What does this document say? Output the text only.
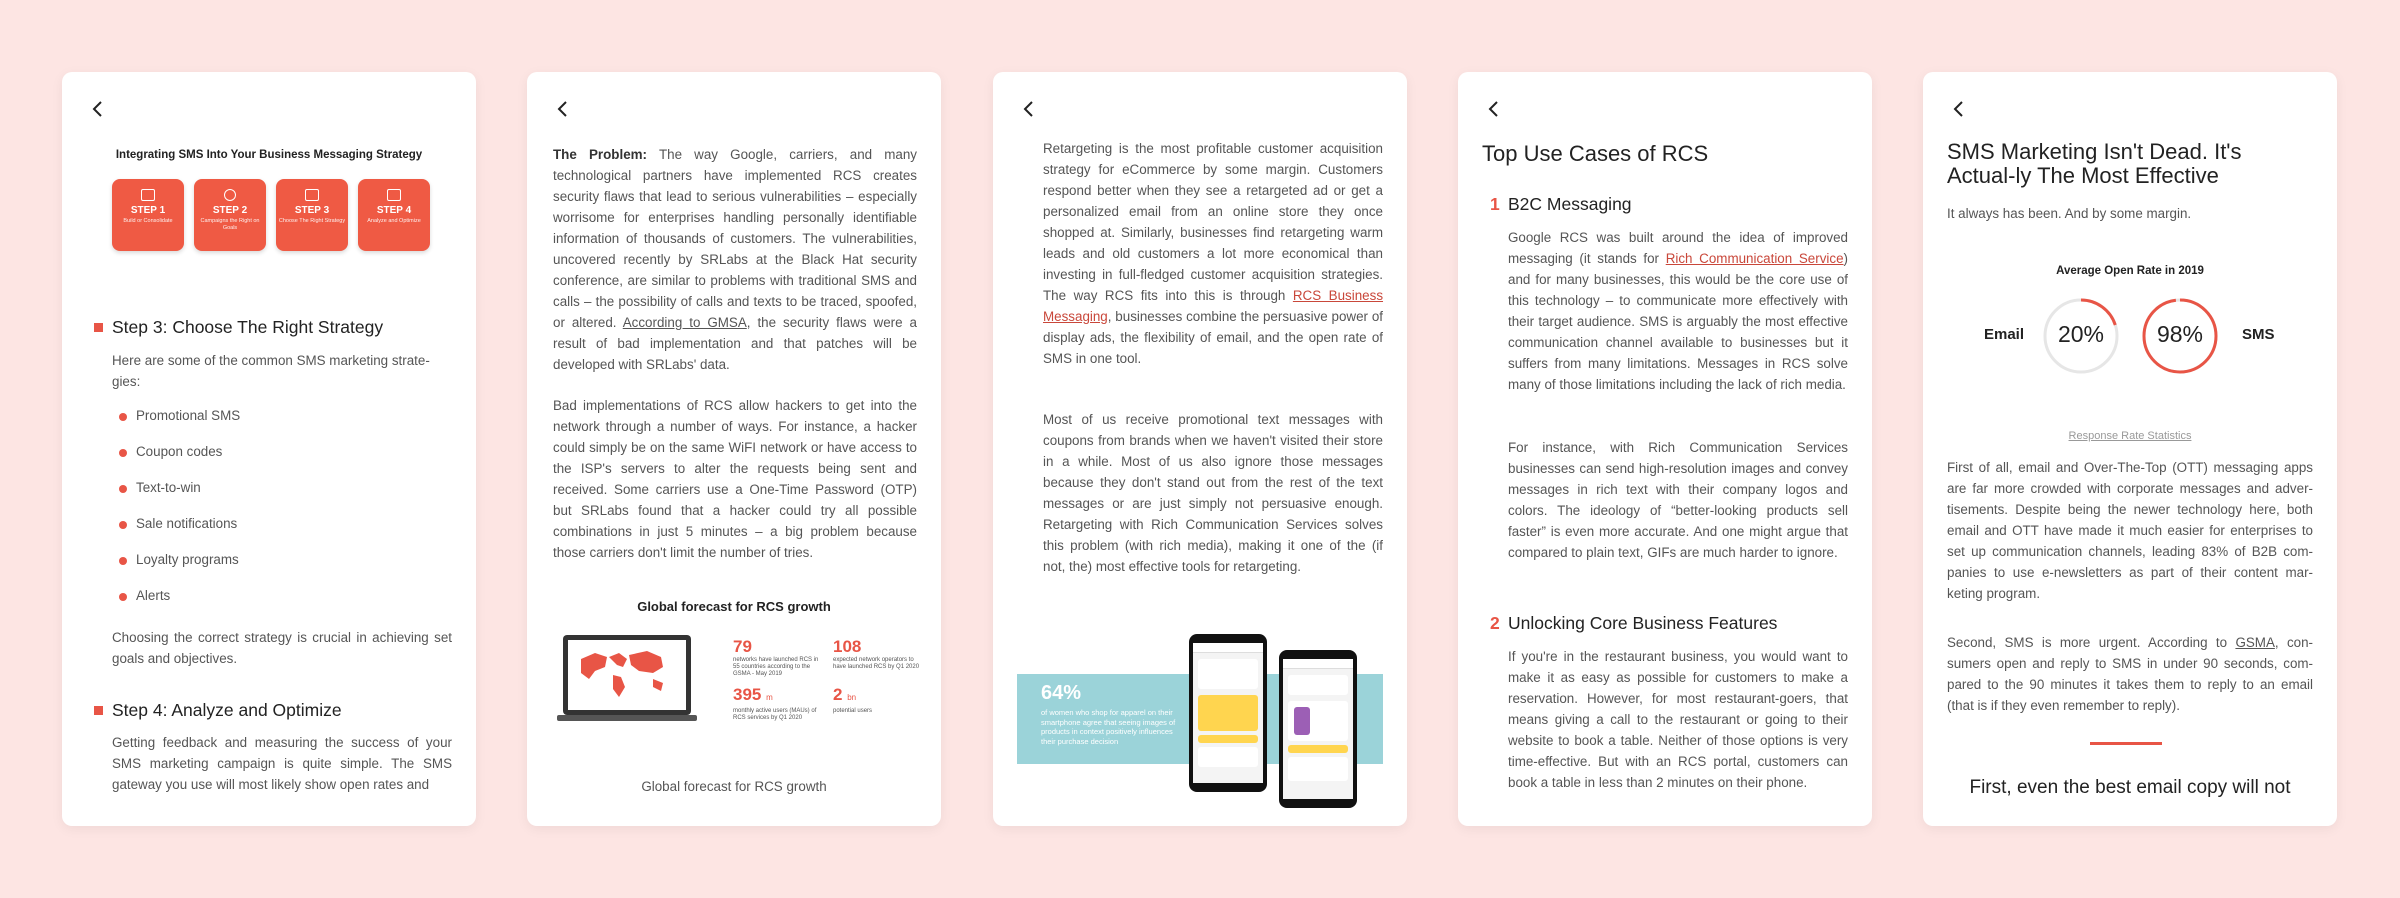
Integrating SMS Into Your Business Messaging Strategy
STEP 1
Build or Consolidate
STEP 2
Campaigns the Right on Goals
STEP 3
Choose The Right Strategy
STEP 4
Analyze and Optimize
Step 3: Choose The Right Strategy

Here are some of the common SMS marketing strate-gies:

Promotional SMS
Coupon codes
Text-to-win
Sale notifications
Loyalty programs
Alerts

Choosing the correct strategy is crucial in achieving set goals and objectives.

Step 4: Analyze and Optimize

Getting feedback and measuring the success of your SMS marketing campaign is quite simple. The SMS gateway you use will most likely show open rates and

The Problem: The way Google, carriers, and many technological partners have implemented RCS creates security flaws that lead to serious vulnerabilities – especially worrisome for enterprises handling personally identifiable information of thousands of customers. The vulnerabilities, uncovered recently by SRLabs at the Black Hat security conference, are similar to problems with traditional SMS and calls – the possibility of calls and texts to be traced, spoofed, or altered. According to GMSA, the security flaws were a result of bad implementation and that patches will be developed with SRLabs' data.

Bad implementations of RCS allow hackers to get into the network through a number of ways. For instance, a hacker could simply be on the same WiFI network or have access to the ISP's servers to alter the requests being sent and received. Some carriers use a One-Time Password (OTP) but SRLabs found that a hacker could try all possible combinations in just 5 minutes – a big problem because those carriers don't limit the number of tries.

Global forecast for RCS growth
79
networks have launched RCS in 55 countries according to the GSMA - May 2019
108
expected network operators to have launched RCS by Q1 2020
395 m
monthly active users (MAUs) of RCS services by Q1 2020
2 bn
potential users
Global forecast for RCS growth

Retargeting is the most profitable customer acquisition strategy for eCommerce by some margin. Customers respond better when they see a retargeted ad or get a personalized email from an online store they once shopped at. Similarly, businesses find retargeting warm leads and old customers a lot more economical than investing in full-fledged customer acquisition strategies. The way RCS fits into this is through RCS Business Messaging, businesses combine the persuasive power of display ads, the flexibility of email, and the open rate of SMS in one tool.

Most of us receive promotional text messages with coupons from brands when we haven't visited their store in a while. Most of us also ignore those messages because they don't stand out from the rest of the text messages or are just simply not persuasive enough. Retargeting with Rich Communication Services solves this problem (with rich media), making it one of the (if not, the) most effective tools for retargeting.

64%
of women who shop for apparel on their smartphone agree that seeing images of products in context positively influences their purchase decision
Top Use Cases of RCS
1 B2C Messaging

Google RCS was built around the idea of improved messaging (it stands for Rich Communication Service) and for many businesses, this would be the core use of this technology – to communicate more effectively with their target audience. SMS is arguably the most effective communication channel available to businesses but it suffers from many limitations. Messages in RCS solve many of those limitations including the lack of rich media.

For instance, with Rich Communication Services businesses can send high-resolution images and convey messages in rich text with their company logos and colors. The ideology of “better-looking products sell faster” is even more accurate. And one might argue that compared to plain text, GIFs are much harder to ignore.

2 Unlocking Core Business Features

If you're in the restaurant business, you would want to make it as easy as possible for customers to make a reservation. However, for most restaurant-goers, that means giving a call to the restaurant or going to their website to book a table. Neither of those options is very time-effective. But with an RCS portal, customers can book a table in less than 2 minutes on their phone.

SMS Marketing Isn't Dead. It's Actual-ly The Most Effective

It always has been. And by some margin.

Average Open Rate in 2019
Email	20%	98%	SMS
Response Rate Statistics

First of all, email and Over-The-Top (OTT) messaging apps are far more crowded with corporate messages and adver-tisements. Despite being the newer technology here, both email and OTT have made it much easier for enterprises to set up communication channels, leading 83% of B2B com-panies to use e-newsletters as part of their content mar-keting program.

Second, SMS is more urgent. According to GSMA, con-sumers open and reply to SMS in under 90 seconds, com-pared to the 90 minutes it takes them to reply to an email (that is if they even remember to reply).

First, even the best email copy will not
